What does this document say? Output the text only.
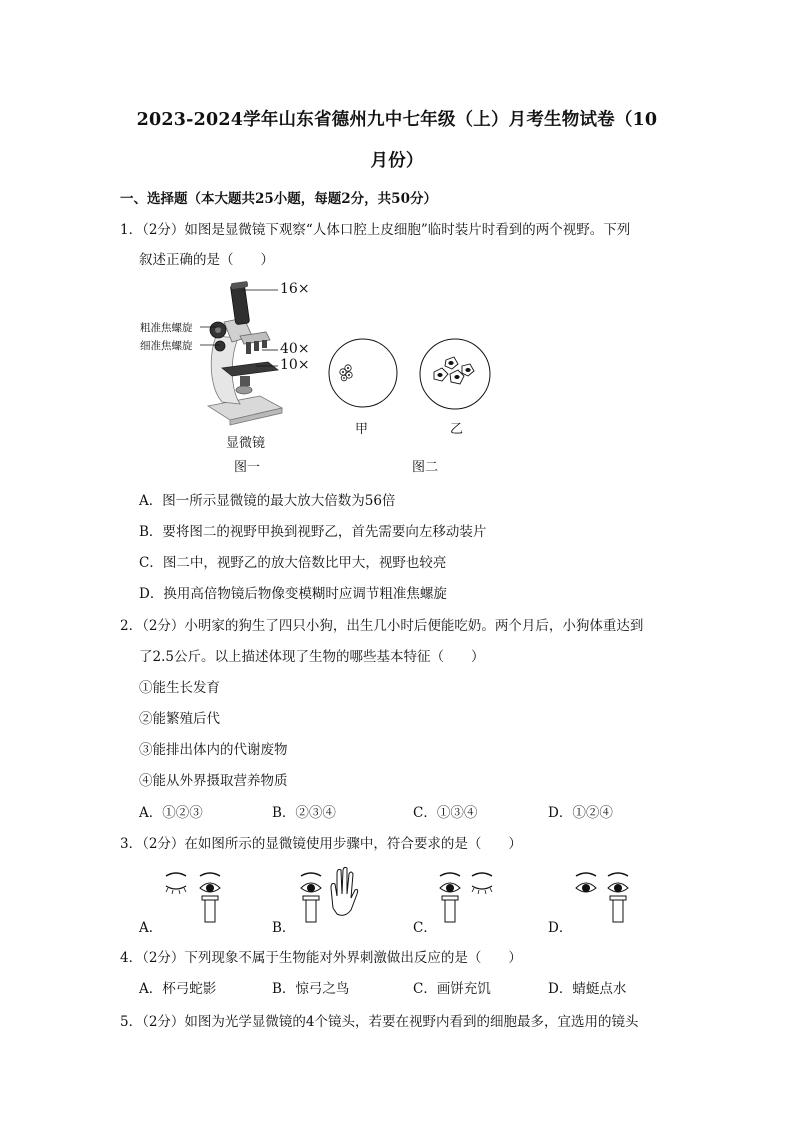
2023-2024学年山东省德州九中七年级（上）月考生物试卷（10
月份）
一、选择题（本大题共25小题，每题2分，共50分）
1．（2分）如图是显微镜下观察“人体口腔上皮细胞”临时装片时看到的两个视野。下列
叙述正确的是（　　）
16×
粗准焦螺旋
细准焦螺旋	40×
10×
显微镜
图一
甲	乙
图二
A．图一所示显微镜的最大放大倍数为56倍
B．要将图二的视野甲换到视野乙，首先需要向左移动装片
C．图二中，视野乙的放大倍数比甲大，视野也较亮
D．换用高倍物镜后物像变模糊时应调节粗准焦螺旋
2．（2分）小明家的狗生了四只小狗，出生几小时后便能吃奶。两个月后，小狗体重达到
了2.5公斤。以上描述体现了生物的哪些基本特征（　　）
①能生长发育
②能繁殖后代
③能排出体内的代谢废物
④能从外界摄取营养物质
A．①②③	B．②③④	C．①③④	D．①②④
3．（2分）在如图所示的显微镜使用步骤中，符合要求的是（　　）
A．	B．	C．	D．
4．（2分）下列现象不属于生物能对外界刺激做出反应的是（　　）
A．杯弓蛇影	B．惊弓之鸟	C．画饼充饥	D．蜻蜓点水
5．（2分）如图为光学显微镜的4个镜头，若要在视野内看到的细胞最多，宜选用的镜头
